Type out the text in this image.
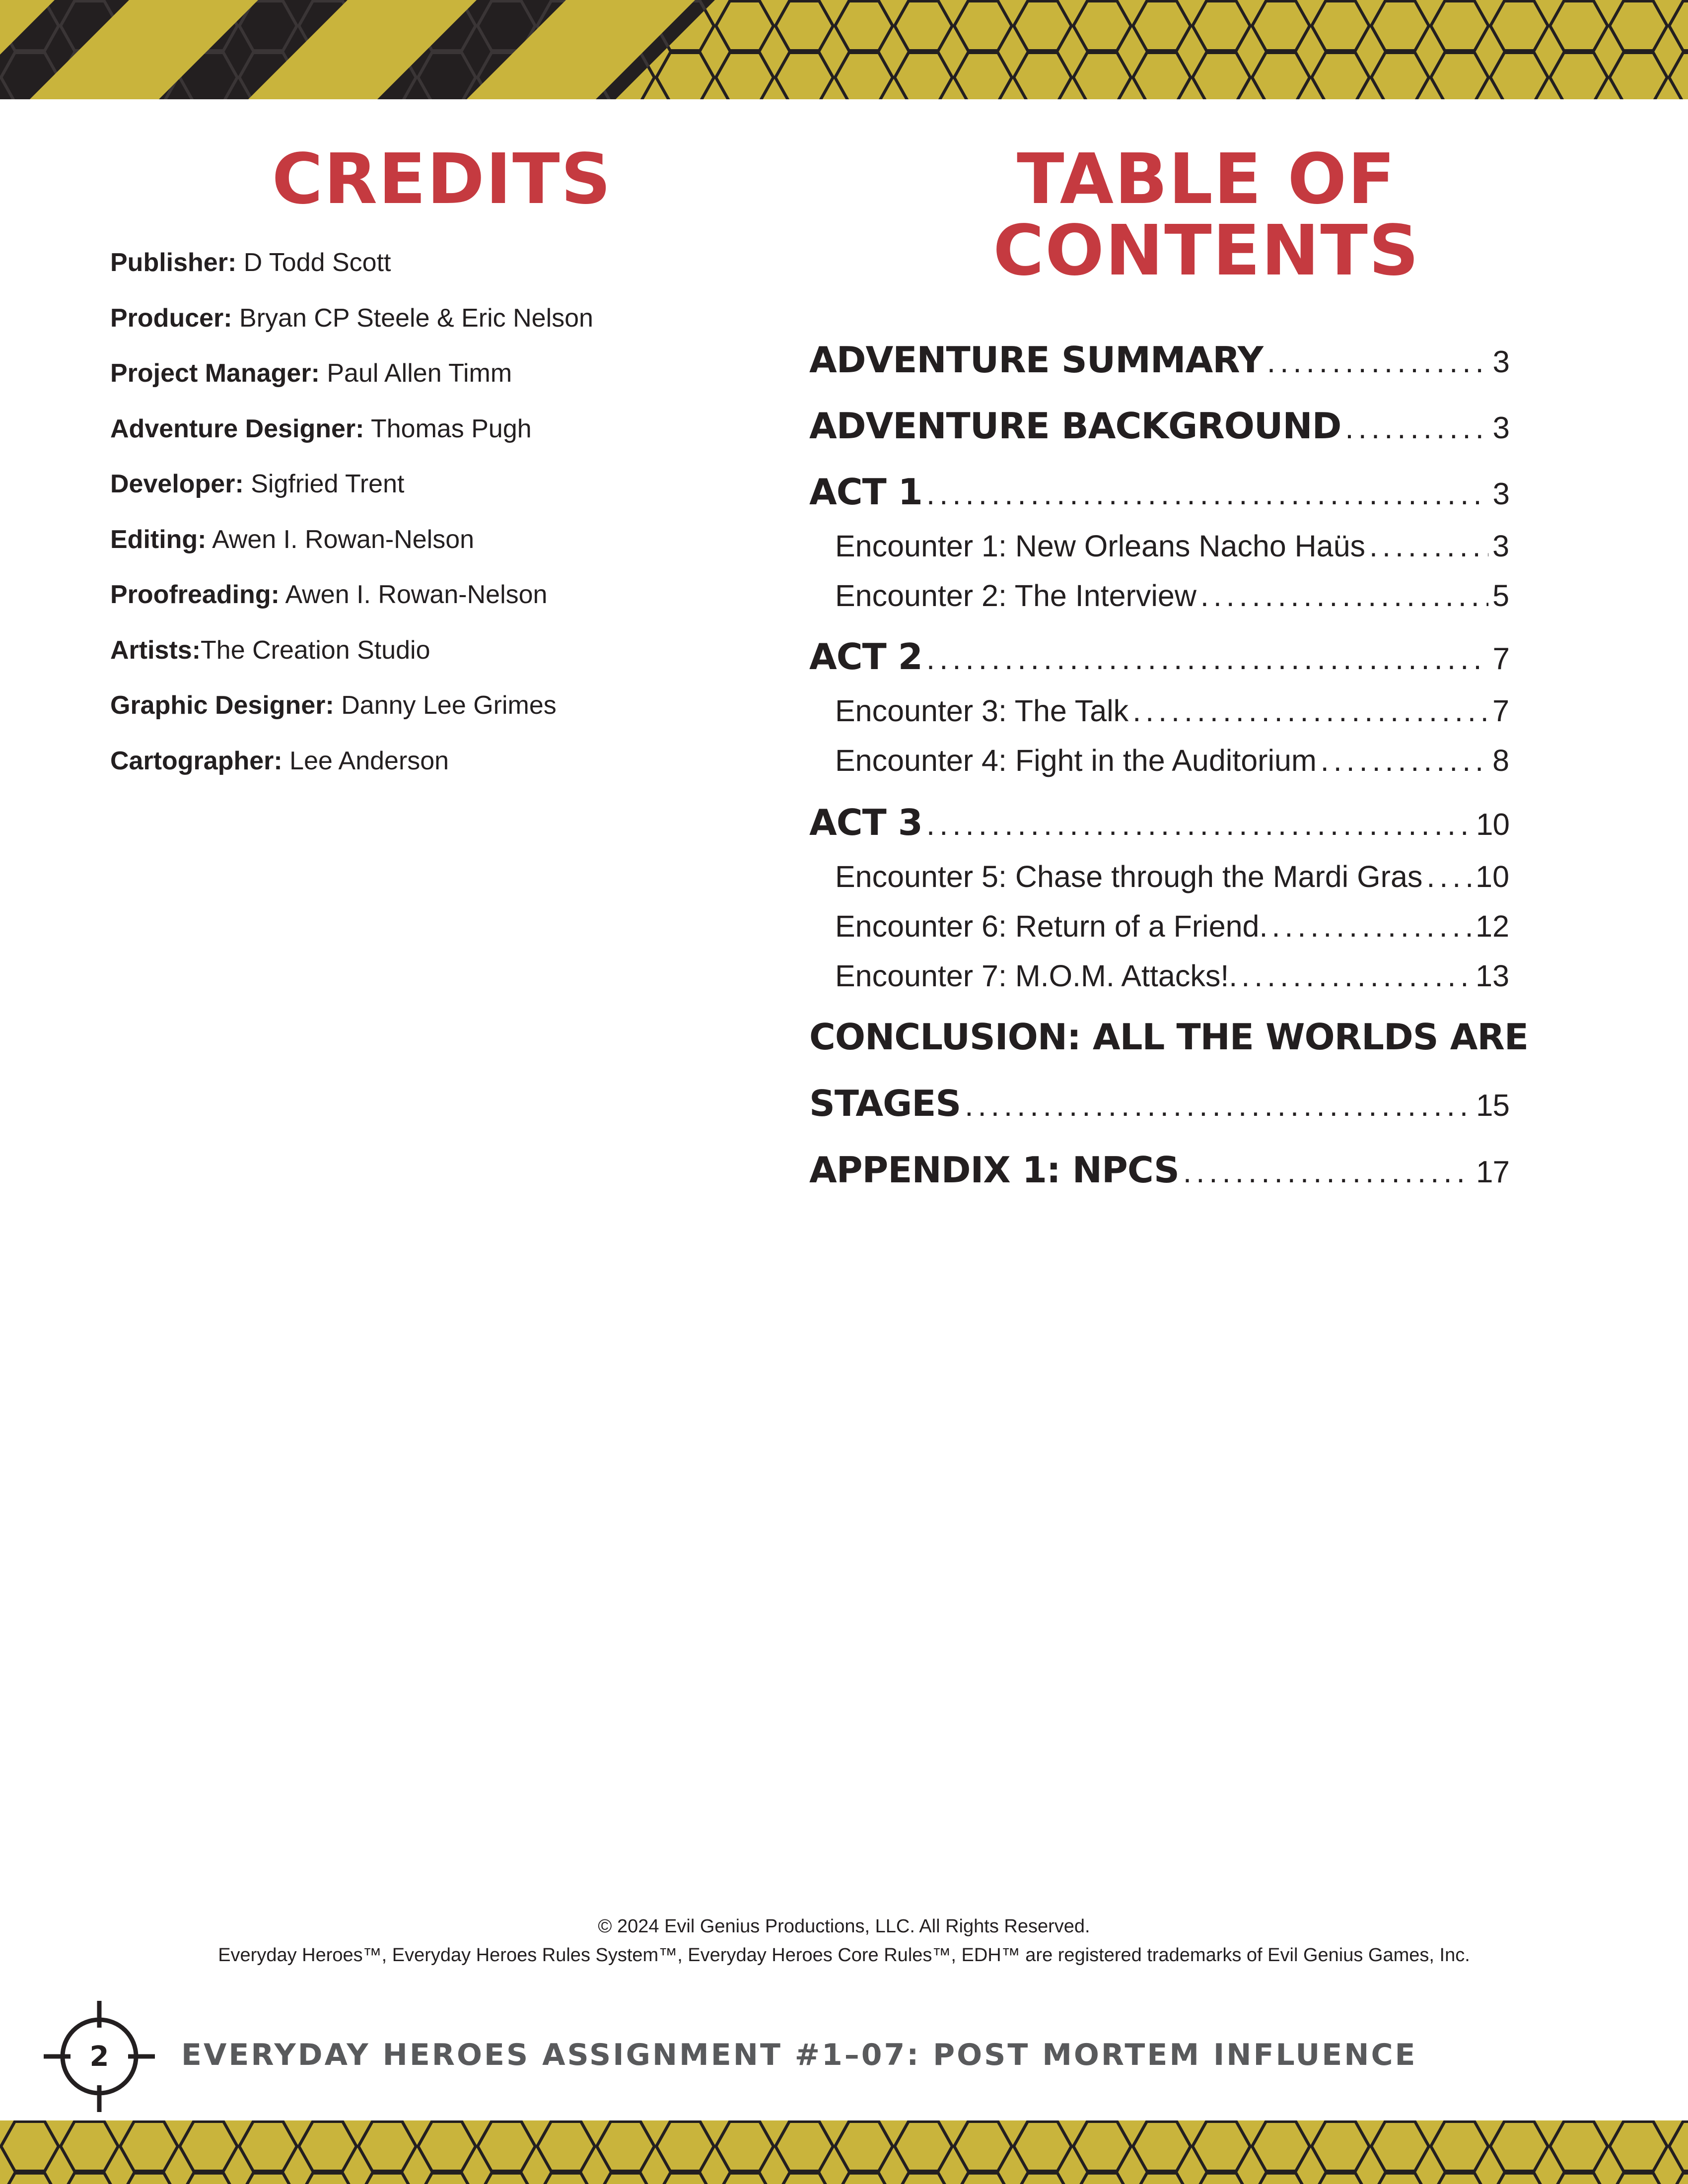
CREDITS
Publisher: D Todd Scott
Producer: Bryan CP Steele & Eric Nelson
Project Manager: Paul Allen Timm
Adventure Designer: Thomas Pugh
Developer: Sigfried Trent
Editing: Awen I. Rowan-Nelson
Proofreading: Awen I. Rowan-Nelson
Artists:The Creation Studio
Graphic Designer: Danny Lee Grimes
Cartographer: Lee Anderson
TABLE OF
CONTENTS
ADVENTURE SUMMARY .....	3
ADVENTURE BACKGROUND .....	3
ACT 1 .....	3
Encounter 1: New Orleans Nacho Haüs .....	3
Encounter 2: The Interview .....	5
ACT 2 .....	7
Encounter 3: The Talk .....	7
Encounter 4: Fight in the Auditorium .....	8
ACT 3 .....	10
Encounter 5: Chase through the Mardi Gras ..... 10
Encounter 6: Return of a Friend. .....	12
Encounter 7: M.O.M. Attacks!. .....	13
CONCLUSION: ALL THE WORLDS ARE
STAGES .....	15
APPENDIX 1: NPCS .....	17
© 2024 Evil Genius Productions, LLC. All Rights Reserved.
Everyday Heroes™, Everyday Heroes Rules System™, Everyday Heroes Core Rules™, EDH™ are registered trademarks of Evil Genius Games, Inc.
2	EVERYDAY HEROES ASSIGNMENT #1–07: POST MORTEM INFLUENCE
